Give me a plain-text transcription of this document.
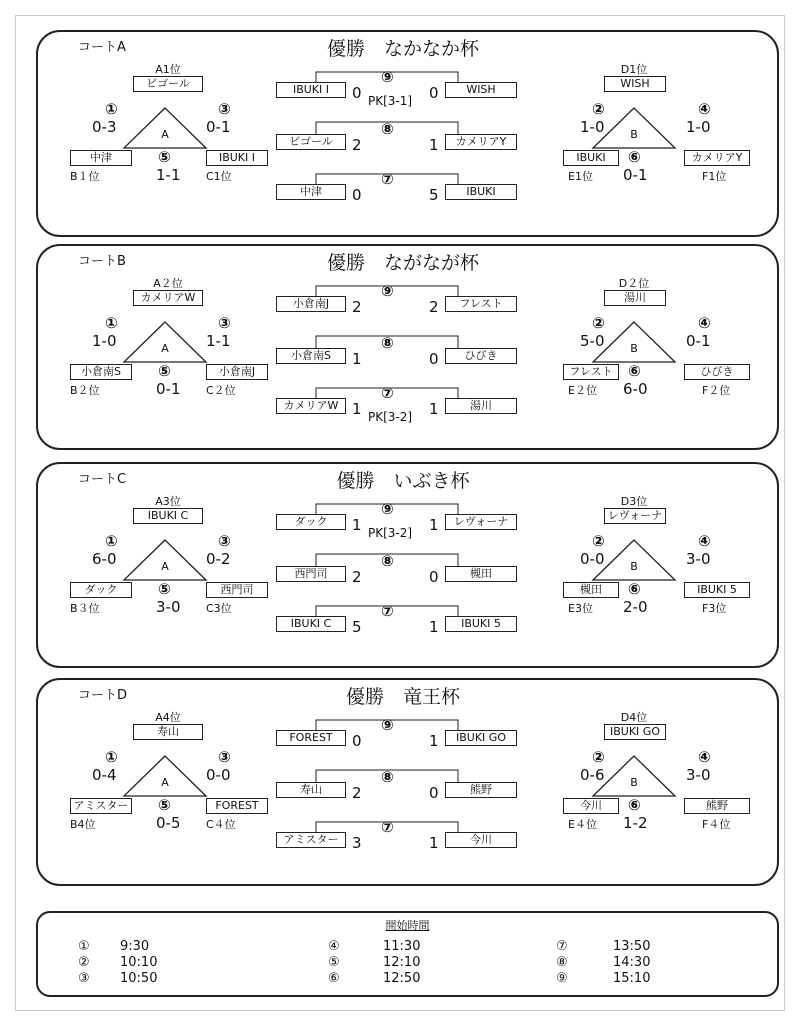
コートA	優勝　なかなか杯
A1位
ビゴール
A
①
0-3
③
0-1
中津
B１位
IBUKI I
C1位
⑤
1-1
D1位
WISH
B
②
1-0
④
1-0
IBUKI
E1位
カメリアY
F1位
⑥
0-1
⑨
IBUKI I	0	0	WISH
PK[3-1]
⑧
ビゴール	2	1	カメリアY
⑦
中津	0	5	IBUKI
コートB	優勝　ながなが杯
A２位
カメリアW
A
①
1-0
③
1-1
小倉南S
B２位
小倉南J
C２位
⑤
0-1
D２位
湯川
B
②
5-0
④
0-1
フレスト
E２位
ひびき
F２位
⑥
6-0
⑨
小倉南J	2	2	フレスト
⑧
小倉南S	1	0	ひびき
⑦
カメリアW 1	1	湯川
PK[3-2]
コートC	優勝　いぶき杯
A3位
IBUKI C
A
①
6-0
③
0-2
ダック
B３位
西門司
C3位
⑤
3-0
D3位
レヴォーナ
B
②
0-0
④
3-0
槻田
E3位
IBUKI 5
F3位
⑥
2-0
⑨
ダック	1	1	レヴォーナ
PK[3-2]
⑧
西門司	2	0	槻田
⑦
IBUKI C	5	1	IBUKI 5
コートD	優勝　竜王杯
A4位
寿山
A
①
0-4
③
0-0
アミスター
B4位
FOREST
C４位
⑤
0-5
D4位
IBUKI GO
B
②
0-6
④
3-0
今川
E４位
熊野
F４位
⑥
1-2
⑨
FOREST	0	1	IBUKI GO
⑧
寿山	2	0	熊野
⑦
アミスター 3	1	今川
開始時間
① 9:30
② 10:10
③ 10:50
④	11:30
⑤	12:10
⑥	12:50
⑦	13:50
⑧	14:30
⑨	15:10
